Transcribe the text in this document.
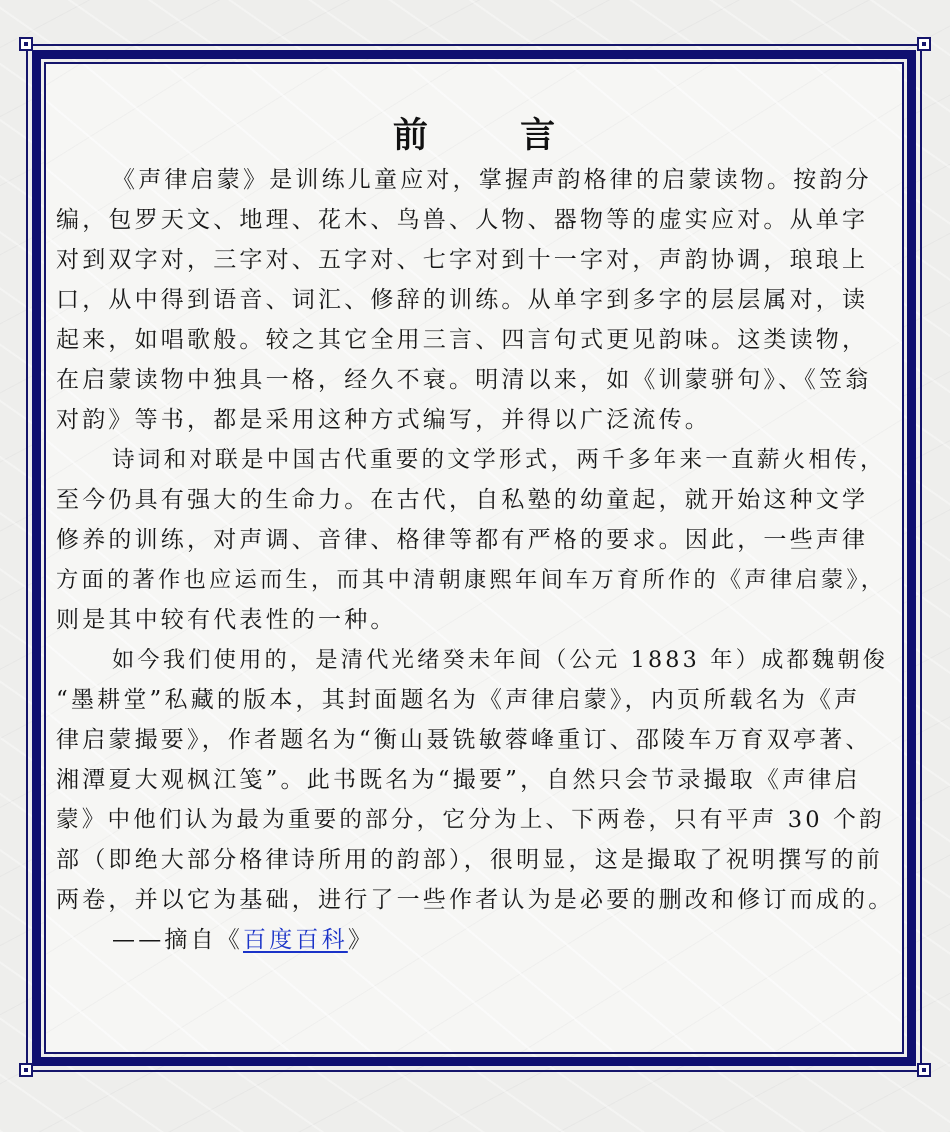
前 言
《声律启蒙》是训练儿童应对，掌握声韵格律的启蒙读物。按韵分
编，包罗天文、地理、花木、鸟兽、人物、器物等的虚实应对。从单字
对到双字对，三字对、五字对、七字对到十一字对，声韵协调，琅琅上
口，从中得到语音、词汇、修辞的训练。从单字到多字的层层属对，读
起来，如唱歌般。较之其它全用三言、四言句式更见韵味。这类读物，
在启蒙读物中独具一格，经久不衰。明清以来，如《训蒙骈句》、《笠翁
对韵》等书，都是采用这种方式编写，并得以广泛流传。
诗词和对联是中国古代重要的文学形式，两千多年来一直薪火相传，
至今仍具有强大的生命力。在古代，自私塾的幼童起，就开始这种文学
修养的训练，对声调、音律、格律等都有严格的要求。因此，一些声律
方面的著作也应运而生，而其中清朝康熙年间车万育所作的《声律启蒙》，
则是其中较有代表性的一种。
如今我们使用的，是清代光绪癸未年间（公元 1883 年）成都魏朝俊
“墨耕堂”私藏的版本，其封面题名为《声律启蒙》，内页所载名为《声
律启蒙撮要》，作者题名为“衡山聂铣敏蓉峰重订、邵陵车万育双亭著、
湘潭夏大观枫江笺”。此书既名为“撮要”，自然只会节录撮取《声律启
蒙》中他们认为最为重要的部分，它分为上、下两卷，只有平声 30 个韵
部（即绝大部分格律诗所用的韵部），很明显，这是撮取了祝明撰写的前
两卷，并以它为基础，进行了一些作者认为是必要的删改和修订而成的。
——摘自《百度百科》
